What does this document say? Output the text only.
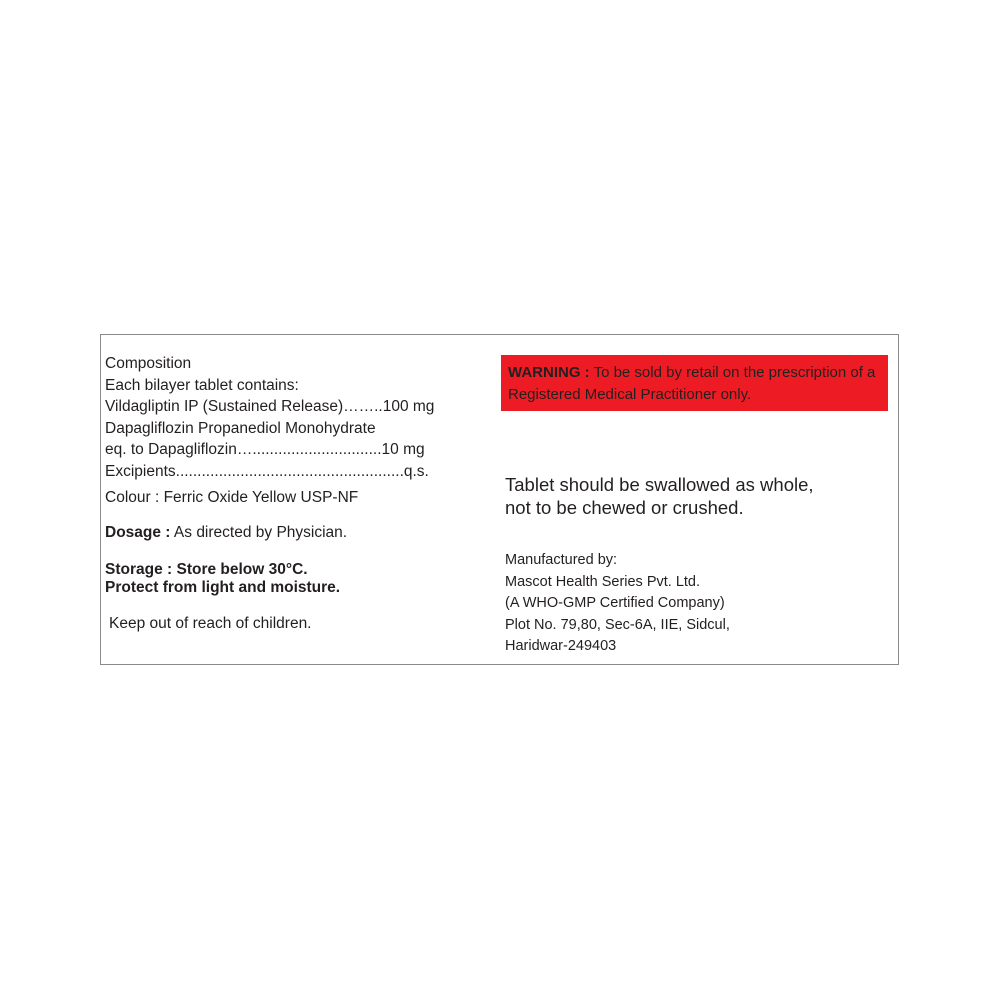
Composition
Each bilayer tablet contains:
Vildagliptin IP (Sustained Release)……..100 mg
Dapagliflozin Propanediol Monohydrate
eq. to Dapagliflozin…..............................10 mg
Excipients.....................................................q.s.
Colour : Ferric Oxide Yellow USP-NF
Dosage : As directed by Physician.
Storage : Store below 30°C.
Protect from light and moisture.
Keep out of reach of children.
WARNING : To be sold by retail on the prescription of a Registered Medical Practitioner only.
Tablet should be swallowed as whole,
not to be chewed or crushed.
Manufactured by:
Mascot Health Series Pvt. Ltd.
(A WHO-GMP Certified Company)
Plot No. 79,80, Sec-6A, IIE, Sidcul,
Haridwar-249403
